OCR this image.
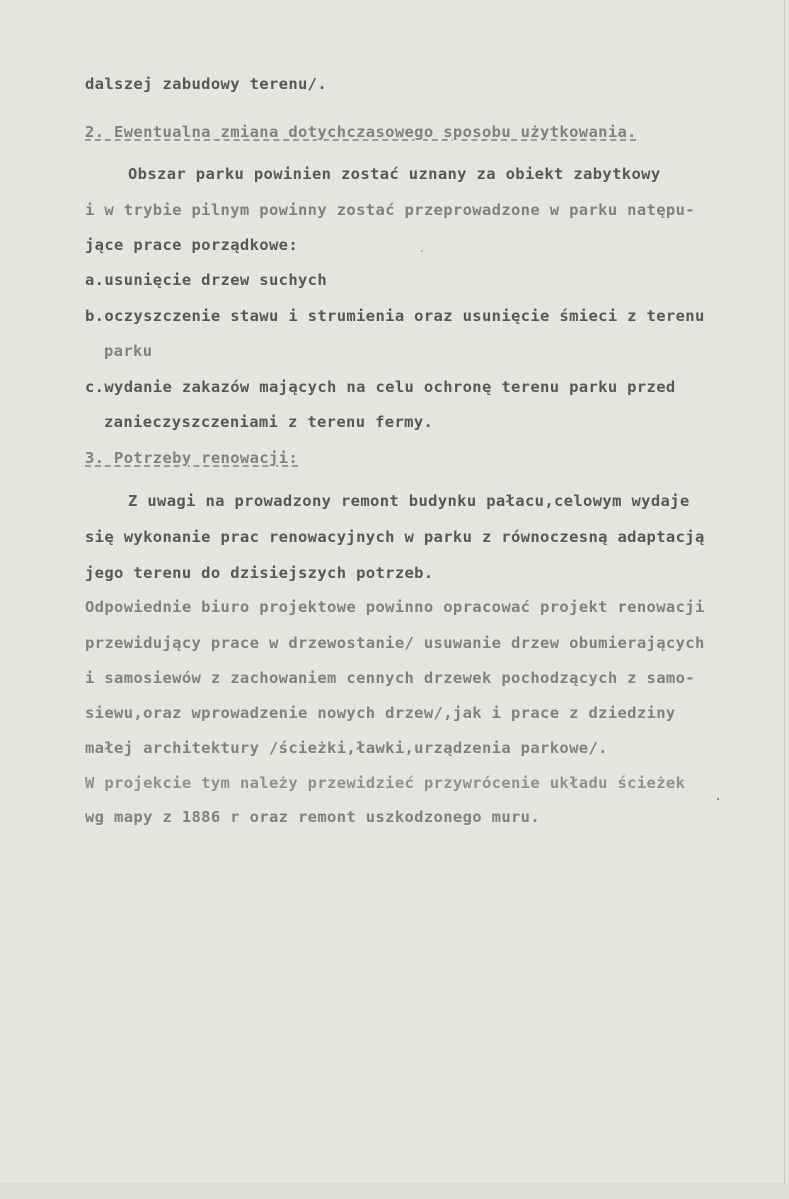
dalszej zabudowy terenu/.

2. Ewentualna zmiana dotychczasowego sposobu użytkowania.

Obszar parku powinien zostać uznany za obiekt zabytkowy

i w trybie pilnym powinny zostać przeprowadzone w parku natępu-

jące prace porządkowe:

a.usunięcie drzew suchych

b.oczyszczenie stawu i strumienia oraz usunięcie śmieci z terenu

parku

c.wydanie zakazów mających na celu ochronę terenu parku przed

zanieczyszczeniami z terenu fermy.

3. Potrzeby renowacji:

Z uwagi na prowadzony remont budynku pałacu,celowym wydaje

się wykonanie prac renowacyjnych w parku z równoczesną adaptacją

jego terenu do dzisiejszych potrzeb.

Odpowiednie biuro projektowe powinno opracować projekt renowacji

przewidujący prace w drzewostanie/ usuwanie drzew obumierających

i samosiewów z zachowaniem cennych drzewek pochodzących z samo-

siewu,oraz wprowadzenie nowych drzew/,jak i prace z dziedziny

małej architektury /ścieżki,ławki,urządzenia parkowe/.

W projekcie tym należy przewidzieć przywrócenie układu ścieżek

wg mapy z 1886 r oraz remont uszkodzonego muru.
